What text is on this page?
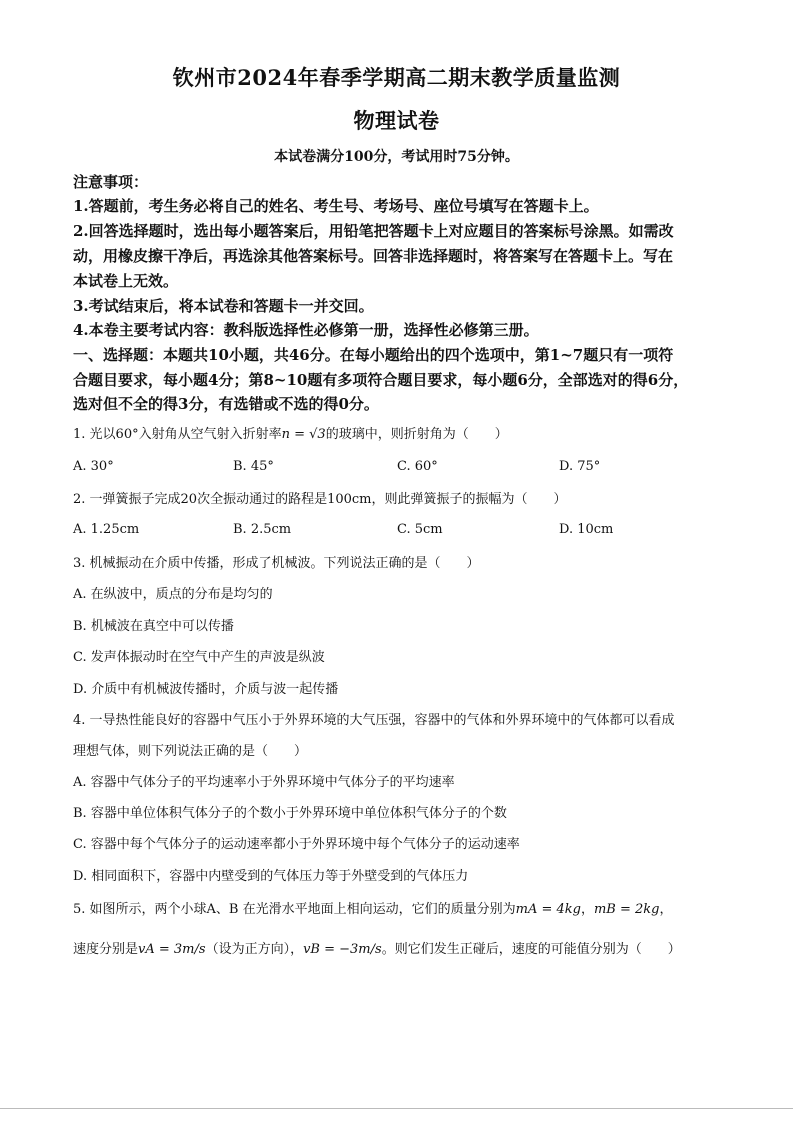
钦州市2024年春季学期高二期末教学质量监测
物理试卷
本试卷满分100分，考试用时75分钟。
注意事项：
1.答题前，考生务必将自己的姓名、考生号、考场号、座位号填写在答题卡上。
2.回答选择题时，选出每小题答案后，用铅笔把答题卡上对应题目的答案标号涂黑。如需改
动，用橡皮擦干净后，再选涂其他答案标号。回答非选择题时，将答案写在答题卡上。写在
本试卷上无效。
3.考试结束后，将本试卷和答题卡一并交回。
4.本卷主要考试内容：教科版选择性必修第一册，选择性必修第三册。
一、选择题：本题共10小题，共46分。在每小题给出的四个选项中，第1~7题只有一项符
合题目要求，每小题4分；第8~10题有多项符合题目要求，每小题6分，全部选对的得6分，
选对但不全的得3分，有选错或不选的得0分。
1. 光以60°入射角从空气射入折射率n = √3的玻璃中，则折射角为（　　）
A. 30°	B. 45°	C. 60°	D. 75°
2. 一弹簧振子完成20次全振动通过的路程是100cm，则此弹簧振子的振幅为（　　）
A. 1.25cm	B. 2.5cm	C. 5cm	D. 10cm
3. 机械振动在介质中传播，形成了机械波。下列说法正确的是（　　）
A. 在纵波中，质点的分布是均匀的
B. 机械波在真空中可以传播
C. 发声体振动时在空气中产生的声波是纵波
D. 介质中有机械波传播时，介质与波一起传播
4. 一导热性能良好的容器中气压小于外界环境的大气压强，容器中的气体和外界环境中的气体都可以看成
理想气体，则下列说法正确的是（　　）
A. 容器中气体分子的平均速率小于外界环境中气体分子的平均速率
B. 容器中单位体积气体分子的个数小于外界环境中单位体积气体分子的个数
C. 容器中每个气体分子的运动速率都小于外界环境中每个气体分子的运动速率
D. 相同面积下，容器中内壁受到的气体压力等于外壁受到的气体压力
5. 如图所示，两个小球A、B 在光滑水平地面上相向运动，它们的质量分别为mA = 4kg，mB = 2kg，
速度分别是vA = 3m/s（设为正方向），vB = −3m/s。则它们发生正碰后，速度的可能值分别为（　　）
